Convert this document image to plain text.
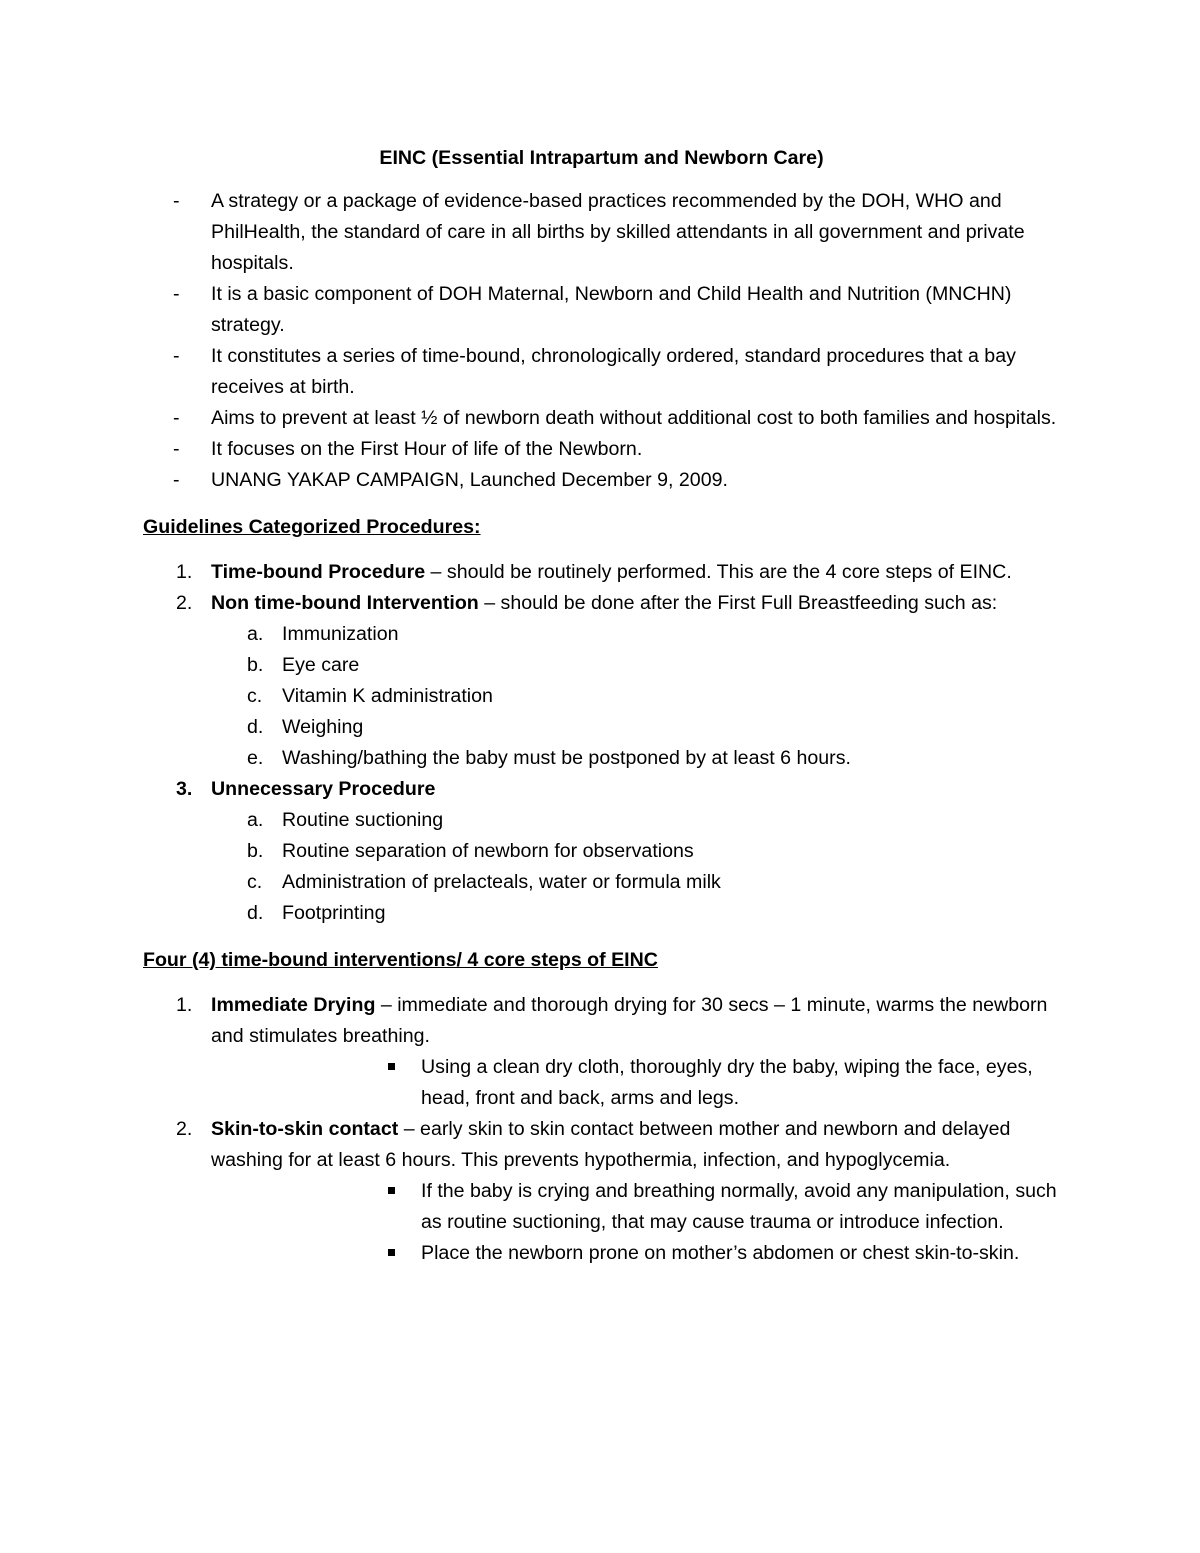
EINC (Essential Intrapartum and Newborn Care)
- A strategy or a package of evidence-based practices recommended by the DOH, WHO and PhilHealth, the standard of care in all births by skilled attendants in all government and private hospitals.
- It is a basic component of DOH Maternal, Newborn and Child Health and Nutrition (MNCHN) strategy.
- It constitutes a series of time-bound, chronologically ordered, standard procedures that a bay receives at birth.
- Aims to prevent at least ½ of newborn death without additional cost to both families and hospitals.
- It focuses on the First Hour of life of the Newborn.
- UNANG YAKAP CAMPAIGN, Launched December 9, 2009.
Guidelines Categorized Procedures:
1. Time-bound Procedure – should be routinely performed. This are the 4 core steps of EINC.
2. Non time-bound Intervention – should be done after the First Full Breastfeeding such as:
a. Immunization
b. Eye care
c. Vitamin K administration
d. Weighing
e. Washing/bathing the baby must be postponed by at least 6 hours.
3. Unnecessary Procedure
a. Routine suctioning
b. Routine separation of newborn for observations
c. Administration of prelacteals, water or formula milk
d. Footprinting
Four (4) time-bound interventions/ 4 core steps of EINC
1. Immediate Drying – immediate and thorough drying for 30 secs – 1 minute, warms the newborn and stimulates breathing.
Using a clean dry cloth, thoroughly dry the baby, wiping the face, eyes, head, front and back, arms and legs.
2. Skin-to-skin contact – early skin to skin contact between mother and newborn and delayed washing for at least 6 hours. This prevents hypothermia, infection, and hypoglycemia.
If the baby is crying and breathing normally, avoid any manipulation, such as routine suctioning, that may cause trauma or introduce infection.
Place the newborn prone on mother’s abdomen or chest skin-to-skin.
